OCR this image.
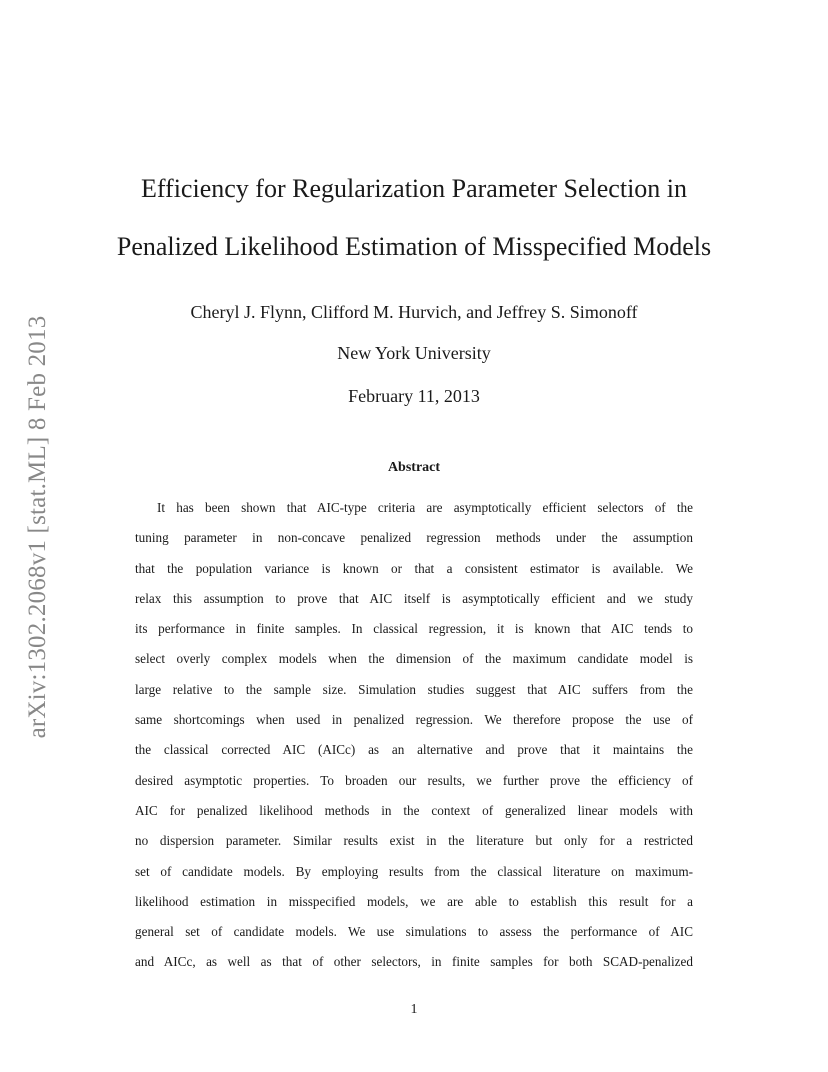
arXiv:1302.2068v1 [stat.ML] 8 Feb 2013
Efficiency for Regularization Parameter Selection in
Penalized Likelihood Estimation of Misspecified Models
Cheryl J. Flynn, Clifford M. Hurvich, and Jeffrey S. Simonoff
New York University
February 11, 2013
Abstract
It has been shown that AIC-type criteria are asymptotically efficient selectors of the
tuning parameter in non-concave penalized regression methods under the assumption
that the population variance is known or that a consistent estimator is available. We
relax this assumption to prove that AIC itself is asymptotically efficient and we study
its performance in finite samples. In classical regression, it is known that AIC tends to
select overly complex models when the dimension of the maximum candidate model is
large relative to the sample size. Simulation studies suggest that AIC suffers from the
same shortcomings when used in penalized regression. We therefore propose the use of
the classical corrected AIC (AICc) as an alternative and prove that it maintains the
desired asymptotic properties. To broaden our results, we further prove the efficiency of
AIC for penalized likelihood methods in the context of generalized linear models with
no dispersion parameter. Similar results exist in the literature but only for a restricted
set of candidate models. By employing results from the classical literature on maximum-
likelihood estimation in misspecified models, we are able to establish this result for a
general set of candidate models. We use simulations to assess the performance of AIC
and AICc, as well as that of other selectors, in finite samples for both SCAD-penalized
1
